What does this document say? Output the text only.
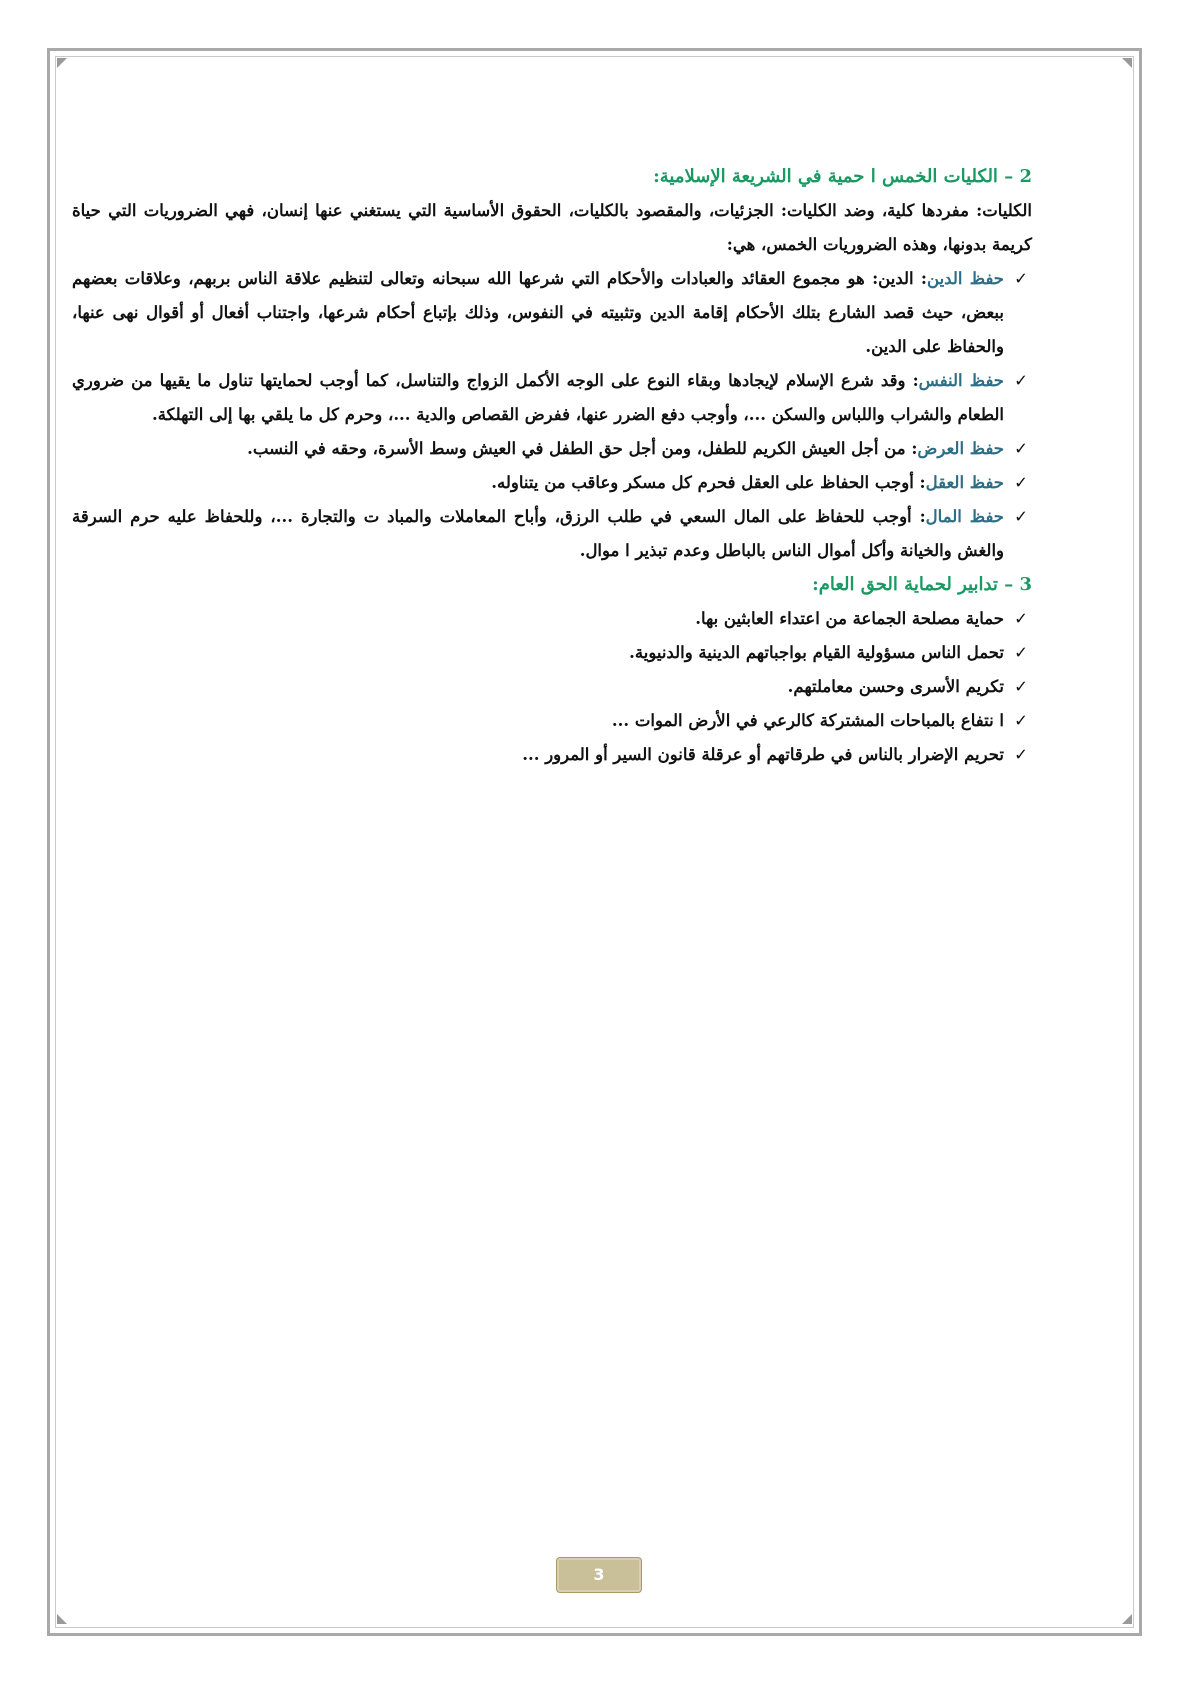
2 – الكليات الخمس ا حمية في الشريعة الإسلامية:

الكليات: مفردها كلية، وضد الكليات: الجزئيات، والمقصود بالكليات، الحقوق الأساسية التي يستغني عنها إنسان، فهي الضروريات التي حياة كريمة بدونها، وهذه الضروريات الخمس، هي:

✓
حفظ الدين: الدين: هو مجموع العقائد والعبادات والأحكام التي شرعها الله سبحانه وتعالى لتنظيم علاقة الناس بربهم، وعلاقات بعضهم ببعض، حيث قصد الشارع بتلك الأحكام إقامة الدين وتثبيته في النفوس، وذلك بإتباع أحكام شرعها، واجتناب أفعال أو أقوال نهى عنها، والحفاظ على الدين.
✓
حفظ النفس: وقد شرع الإسلام لإيجادها وبقاء النوع على الوجه الأكمل الزواج والتناسل، كما أوجب لحمايتها تناول ما يقيها من ضروري الطعام والشراب واللباس والسكن ...، وأوجب دفع الضرر عنها، ففرض القصاص والدية ...، وحرم كل ما يلقي بها إلى التهلكة.
✓
حفظ العرض: من أجل العيش الكريم للطفل، ومن أجل حق الطفل في العيش وسط الأسرة، وحقه في النسب.
✓
حفظ العقل: أوجب الحفاظ على العقل فحرم كل مسكر وعاقب من يتناوله.
✓
حفظ المال: أوجب للحفاظ على المال السعي في طلب الرزق، وأباح المعاملات والمباد ت والتجارة ...، وللحفاظ عليه حرم السرقة والغش والخيانة وأكل أموال الناس بالباطل وعدم تبذير ا موال.

3 – تدابير لحماية الحق العام:

✓
حماية مصلحة الجماعة من اعتداء العابثين بها.
✓
تحمل الناس مسؤولية القيام بواجباتهم الدينية والدنيوية.
✓
تكريم الأسرى وحسن معاملتهم.
✓
ا نتفاع بالمباحات المشتركة كالرعي في الأرض الموات ...
✓
تحريم الإضرار بالناس في طرقاتهم أو عرقلة قانون السير أو المرور ...
3
